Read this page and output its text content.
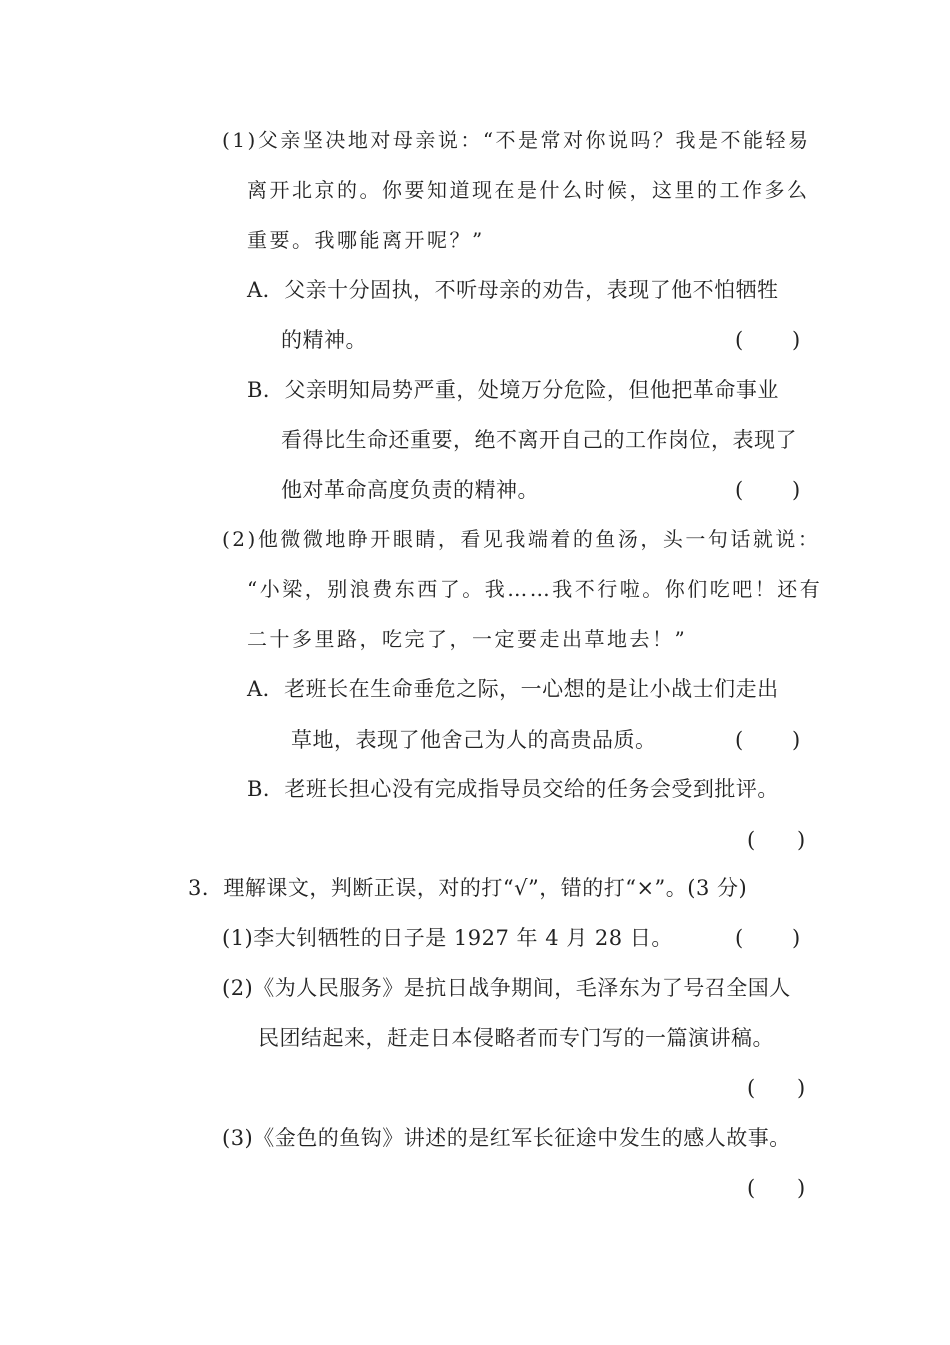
(1)父亲坚决地对母亲说：“不是常对你说吗？我是不能轻易
离开北京的。你要知道现在是什么时候，这里的工作多么
重要。我哪能离开呢？”
A．父亲十分固执，不听母亲的劝告，表现了他不怕牺牲
的精神。	( )
B．父亲明知局势严重，处境万分危险，但他把革命事业
看得比生命还重要，绝不离开自己的工作岗位，表现了
他对革命高度负责的精神。	( )
(2)他微微地睁开眼睛，看见我端着的鱼汤，头一句话就说：
“小梁，别浪费东西了。我……我不行啦。你们吃吧！还有
二十多里路，吃完了，一定要走出草地去！”
A．老班长在生命垂危之际，一心想的是让小战士们走出
草地，表现了他舍己为人的高贵品质。	( )
B．老班长担心没有完成指导员交给的任务会受到批评。
( )
3．理解课文，判断正误，对的打“√”，错的打“×”。(3 分)
(1)李大钊牺牲的日子是 1927 年 4 月 28 日。	( )
(2)《为人民服务》是抗日战争期间，毛泽东为了号召全国人
民团结起来，赶走日本侵略者而专门写的一篇演讲稿。
( )
(3)《金色的鱼钩》讲述的是红军长征途中发生的感人故事。
( )
